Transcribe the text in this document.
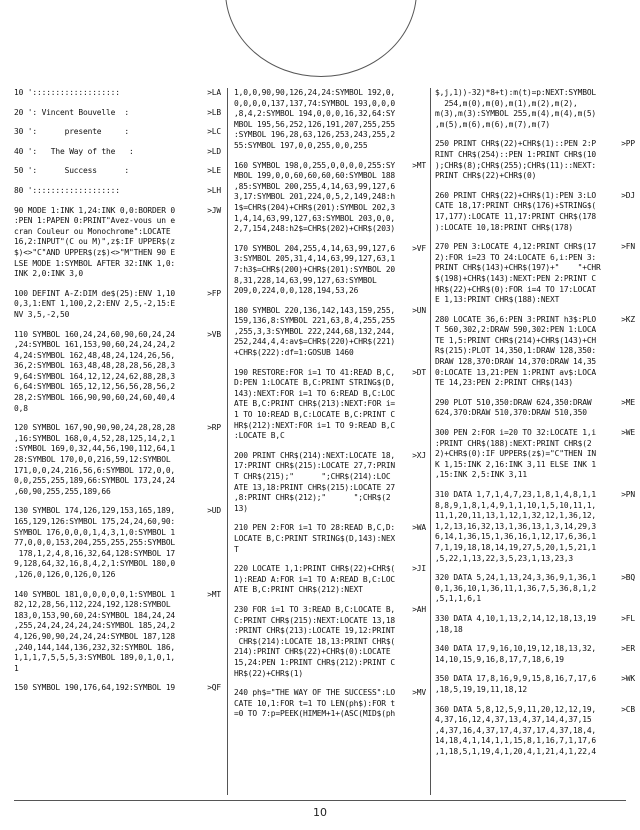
10 ':::::::::::::::::::	>LA
20 ': Vincent Bouvelle  :	>LB
30 ':      presente     :	>LC
40 ':   The Way of the   :	>LD
50 ':      Success      :	>LE
80 ':::::::::::::::::::	>LH
90 MODE 1:INK 1,24:INK 0,0:BORDER 0
:PEN 1:PAPEN 0:PRINT"Avez-vous un e
cran Couleur ou Monochrome":LOCATE
16,2:INPUT"(C ou M)",z$:IF UPPER$(z
$)<>"C"AND UPPER$(z$)<>"M"THEN 90 E
LSE MODE 1:SYMBOL AFTER 32:INK 1,0:
INK 2,0:INK 3,0
>JW
100 DEFINT A-Z:DIM de$(25):ENV 1,10
0,3,1:ENT 1,100,2,2:ENV 2,5,-2,15:E
NV 3,5,-2,50
>FP
110 SYMBOL 160,24,24,60,90,60,24,24
,24:SYMBOL 161,153,90,60,24,24,24,2
4,24:SYMBOL 162,48,48,24,124,26,56,
36,2:SYMBOL 163,48,48,28,28,56,28,3
9,64:SYMBOL 164,12,12,24,62,88,28,3
6,64:SYMBOL 165,12,12,56,56,28,56,2
28,2:SYMBOL 166,90,90,60,24,60,40,4
0,8
>VB
120 SYMBOL 167,90,90,90,24,28,28,28
,16:SYMBOL 168,0,4,52,28,125,14,2,1
:SYMBOL 169,0,32,44,56,190,112,64,1
28:SYMBOL 170,0,0,216,59,12:SYMBOL
171,0,0,24,216,56,6:SYMBOL 172,0,0,
0,0,255,255,189,66:SYMBOL 173,24,24
,60,90,255,255,189,66
>RP
130 SYMBOL 174,126,129,153,165,189,
165,129,126:SYMBOL 175,24,24,60,90:
SYMBOL 176,0,0,0,1,4,3,1,0:SYMBOL 1
77,0,0,0,153,204,255,255,255:SYMBOL
178,1,2,4,8,16,32,64,128:SYMBOL 17
9,128,64,32,16,8,4,2,1:SYMBOL 180,0
,126,0,126,0,126,0,126
>UD
140 SYMBOL 181,0,0,0,0,0,1:SYMBOL 1
82,12,28,56,112,224,192,128:SYMBOL
183,0,153,90,60,24:SYMBOL 184,24,24
,255,24,24,24,24,24:SYMBOL 185,24,2
4,126,90,90,24,24,24:SYMBOL 187,128
,240,144,144,136,232,32:SYMBOL 186,
1,1,1,7,5,5,5,3:SYMBOL 189,0,1,0,1,
1
>MT
150 SYMBOL 190,176,64,192:SYMBOL 19	>QF
1,0,0,90,90,126,24,24:SYMBOL 192,0,
0,0,0,0,137,137,74:SYMBOL 193,0,0,0
,8,4,2:SYMBOL 194,0,0,0,16,32,64:SY
MBOL 195,56,252,126,191,207,255,255
:SYMBOL 196,28,63,126,253,243,255,2
55:SYMBOL 197,0,0,255,0,0,255
160 SYMBOL 198,0,255,0,0,0,0,255:SY
MBOL 199,0,0,60,60,60,60:SYMBOL 188
,85:SYMBOL 200,255,4,14,63,99,127,6
3,17:SYMBOL 201,224,0,5,2,149,248:h
1$=CHR$(204)+CHR$(201):SYMBOL 202,3
1,4,14,63,99,127,63:SYMBOL 203,0,0,
2,7,154,248:h2$=CHR$(202)+CHR$(203)
>MT
170 SYMBOL 204,255,4,14,63,99,127,6
3:SYMBOL 205,31,4,14,63,99,127,63,1
7:h3$=CHR$(200)+CHR$(201):SYMBOL 20
8,31,228,14,63,99,127,63:SYMBOL
209,0,224,0,0,128,194,53,26
>VF
180 SYMBOL 220,136,142,143,159,255,
159,136,8:SYMBOL 221,63,8,4,255,255
,255,3,3:SYMBOL 222,244,68,132,244,
252,244,4,4:av$=CHR$(220)+CHR$(221)
+CHR$(222):df=1:GOSUB 1460
>UN
190 RESTORE:FOR i=1 TO 41:READ B,C,
D:PEN 1:LOCATE B,C:PRINT STRING$(D,
143):NEXT:FOR i=1 TO 6:READ B,C:LOC
ATE B,C:PRINT CHR$(213):NEXT:FOR i=
1 TO 10:READ B,C:LOCATE B,C:PRINT C
HR$(212):NEXT:FOR i=1 TO 9:READ B,C
:LOCATE B,C
>DT
200 PRINT CHR$(214):NEXT:LOCATE 18,
17:PRINT CHR$(215):LOCATE 27,7:PRIN
T CHR$(215);"      ";CHR$(214):LOC
ATE 13,18:PRINT CHR$(215):LOCATE 27
,8:PRINT CHR$(212);"      ";CHR$(2
13)
>XJ
210 PEN 2:FOR i=1 TO 28:READ B,C,D:
LOCATE B,C:PRINT STRING$(D,143):NEX
T
>WA
220 LOCATE 1,1:PRINT CHR$(22)+CHR$(
1):READ A:FOR i=1 TO A:READ B,C:LOC
ATE B,C:PRINT CHR$(212):NEXT
>JI
230 FOR i=1 TO 3:READ B,C:LOCATE B,
C:PRINT CHR$(215):NEXT:LOCATE 13,18
:PRINT CHR$(213):LOCATE 19,12:PRINT
CHR$(214):LOCATE 18,13:PRINT CHR$(
214):PRINT CHR$(22)+CHR$(0):LOCATE
15,24:PEN 1:PRINT CHR$(212):PRINT C
HR$(22)+CHR$(1)
>AH
240 ph$="THE WAY OF THE SUCCESS":LO
CATE 10,1:FOR t=1 TO LEN(ph$):FOR t
=0 TO 7:p=PEEK(HIMEM+1+(ASC(MID$(ph
>MV
$,j,1))-32)*8+t):m(t)=p:NEXT:SYMBOL
254,m(0),m(0),m(1),m(2),m(2),
m(3),m(3):SYMBOL 255,m(4),m(4),m(5)
,m(5),m(6),m(6),m(7),m(7)
250 PRINT CHR$(22)+CHR$(1)::PEN 2:P
RINT CHR$(254)::PEN 1:PRINT CHR$(10
);CHR$(8);CHR$(255);CHR$(11)::NEXT:
PRINT CHR$(22)+CHR$(0)
>PP
260 PRINT CHR$(22)+CHR$(1):PEN 3:LO
CATE 18,17:PRINT CHR$(176)+STRING$(
17,177):LOCATE 11,17:PRINT CHR$(178
):LOCATE 10,18:PRINT CHR$(178)
>DJ
270 PEN 3:LOCATE 4,12:PRINT CHR$(17
2):FOR i=23 TO 24:LOCATE 6,i:PEN 3:
PRINT CHR$(143)+CHR$(197)+"    "+CHR
$(198)+CHR$(143):NEXT:PEN 2:PRINT C
HR$(22)+CHR$(0):FOR i=4 TO 17:LOCAT
E 1,13:PRINT CHR$(188):NEXT
>FN
280 LOCATE 36,6:PEN 3:PRINT h3$:PLO
T 560,302,2:DRAW 590,302:PEN 1:LOCA
TE 1,5:PRINT CHR$(214)+CHR$(143)+CH
R$(215):PLOT 14,350,1:DRAW 128,350:
DRAW 128,370:DRAW 14,370:DRAW 14,35
0:LOCATE 13,21:PEN 1:PRINT av$:LOCA
TE 14,23:PEN 2:PRINT CHR$(143)
>KZ
290 PLOT 510,350:DRAW 624,350:DRAW
624,370:DRAW 510,370:DRAW 510,350
>ME
300 PEN 2:FOR i=20 TO 32:LOCATE 1,i
:PRINT CHR$(188):NEXT:PRINT CHR$(2
2)+CHR$(0):IF UPPER$(z$)="C"THEN IN
K 1,15:INK 2,16:INK 3,11 ELSE INK 1
,15:INK 2,5:INK 3,11
>WE
310 DATA 1,7,1,4,7,23,1,8,1,4,8,1,1
8,8,9,1,8,1,4,9,1,1,10,1,5,10,11,1,
11,1,20,11,13,1,12,1,32,12,1,36,12,
1,2,13,16,32,13,1,36,13,1,3,14,29,3
6,14,1,36,15,1,36,16,1,12,17,6,36,1
7,1,19,18,18,14,19,27,5,20,1,5,21,1
,5,22,1,13,22,3,5,23,1,13,23,3
>PN
320 DATA 5,24,1,13,24,3,36,9,1,36,1
0,1,36,10,1,36,11,1,36,7,5,36,8,1,2
,5,1,1,6,1
>BQ
330 DATA 4,10,1,13,2,14,12,18,13,19
,18,18
>FL
340 DATA 17,9,16,10,19,12,18,13,32,
14,10,15,9,16,8,17,7,18,6,19
>ER
350 DATA 17,8,16,9,9,15,8,16,7,17,6
,18,5,19,19,11,18,12
>WK
360 DATA 5,8,12,5,9,11,20,12,12,19,
4,37,16,12,4,37,13,4,37,14,4,37,15
,4,37,16,4,37,17,4,37,17,4,37,18,4,
14,18,4,1,14,1,1,15,8,1,16,7,1,17,6
,1,18,5,1,19,4,1,20,4,1,21,4,1,22,4
>CB
10
